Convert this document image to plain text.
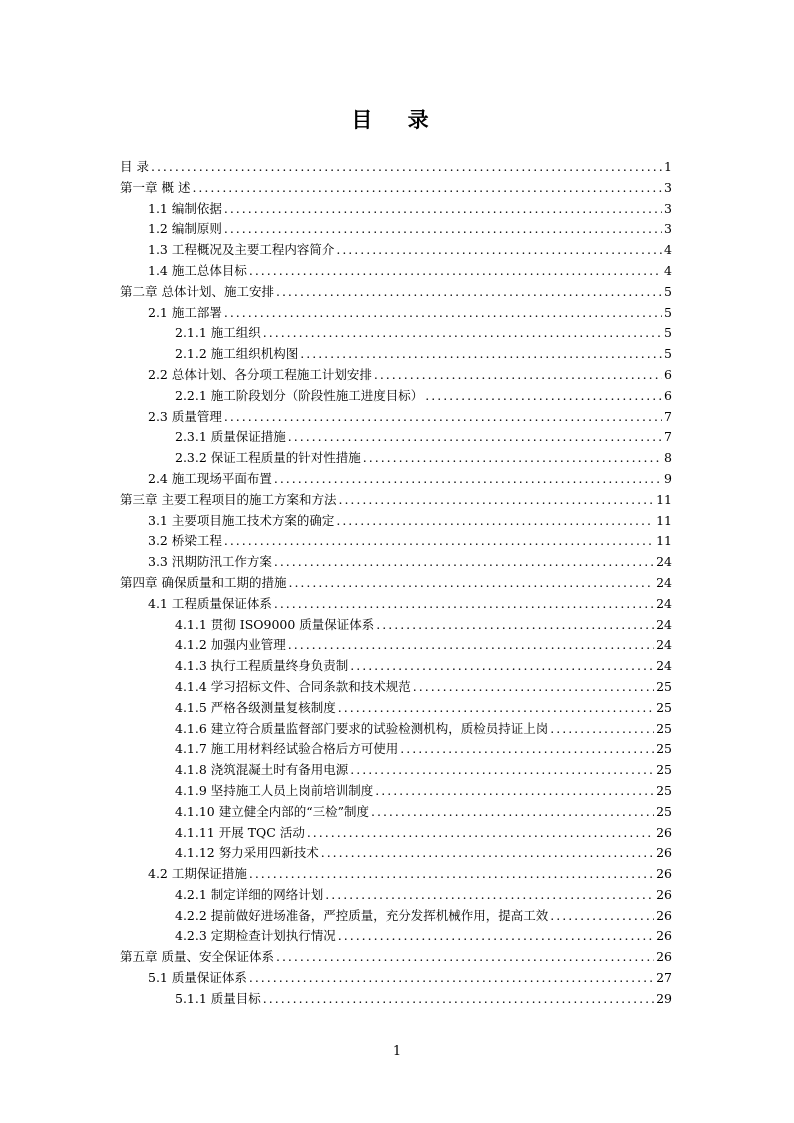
目 录
目 录 .....	1
第一章 概 述 .....	3
1.1 编制依据 .....	3
1.2 编制原则 .....	3
1.3 工程概况及主要工程内容简介 .....	4
1.4 施工总体目标 .....	4
第二章 总体计划、施工安排 .....	5
2.1 施工部署 .....	5
2.1.1 施工组织 .....	5
2.1.2 施工组织机构图 .....	5
2.2 总体计划、各分项工程施工计划安排 .....	6
2.2.1 施工阶段划分（阶段性施工进度目标） .....	6
2.3 质量管理 .....	7
2.3.1 质量保证措施 .....	7
2.3.2 保证工程质量的针对性措施 .....	8
2.4 施工现场平面布置 .....	9
第三章 主要工程项目的施工方案和方法 .....	11
3.1 主要项目施工技术方案的确定 .....	11
3.2 桥梁工程 .....	11
3.3 汛期防汛工作方案 .....	24
第四章 确保质量和工期的措施 .....	24
4.1 工程质量保证体系 .....	24
4.1.1 贯彻 ISO9000 质量保证体系 .....	24
4.1.2 加强内业管理 .....	24
4.1.3 执行工程质量终身负责制 .....	24
4.1.4 学习招标文件、合同条款和技术规范 .....	25
4.1.5 严格各级测量复核制度 .....	25
4.1.6 建立符合质量监督部门要求的试验检测机构，质检员持证上岗 .....	25
4.1.7 施工用材料经试验合格后方可使用 .....	25
4.1.8 浇筑混凝土时有备用电源 .....	25
4.1.9 坚持施工人员上岗前培训制度 .....	25
4.1.10 建立健全内部的“三检”制度 .....	25
4.1.11 开展 TQC 活动 .....	26
4.1.12 努力采用四新技术 .....	26
4.2 工期保证措施 .....	26
4.2.1 制定详细的网络计划 .....	26
4.2.2 提前做好进场准备，严控质量，充分发挥机械作用，提高工效 .....	26
4.2.3 定期检查计划执行情况 .....	26
第五章 质量、安全保证体系 .....	26
5.1 质量保证体系 .....	27
5.1.1 质量目标 .....	29
1
